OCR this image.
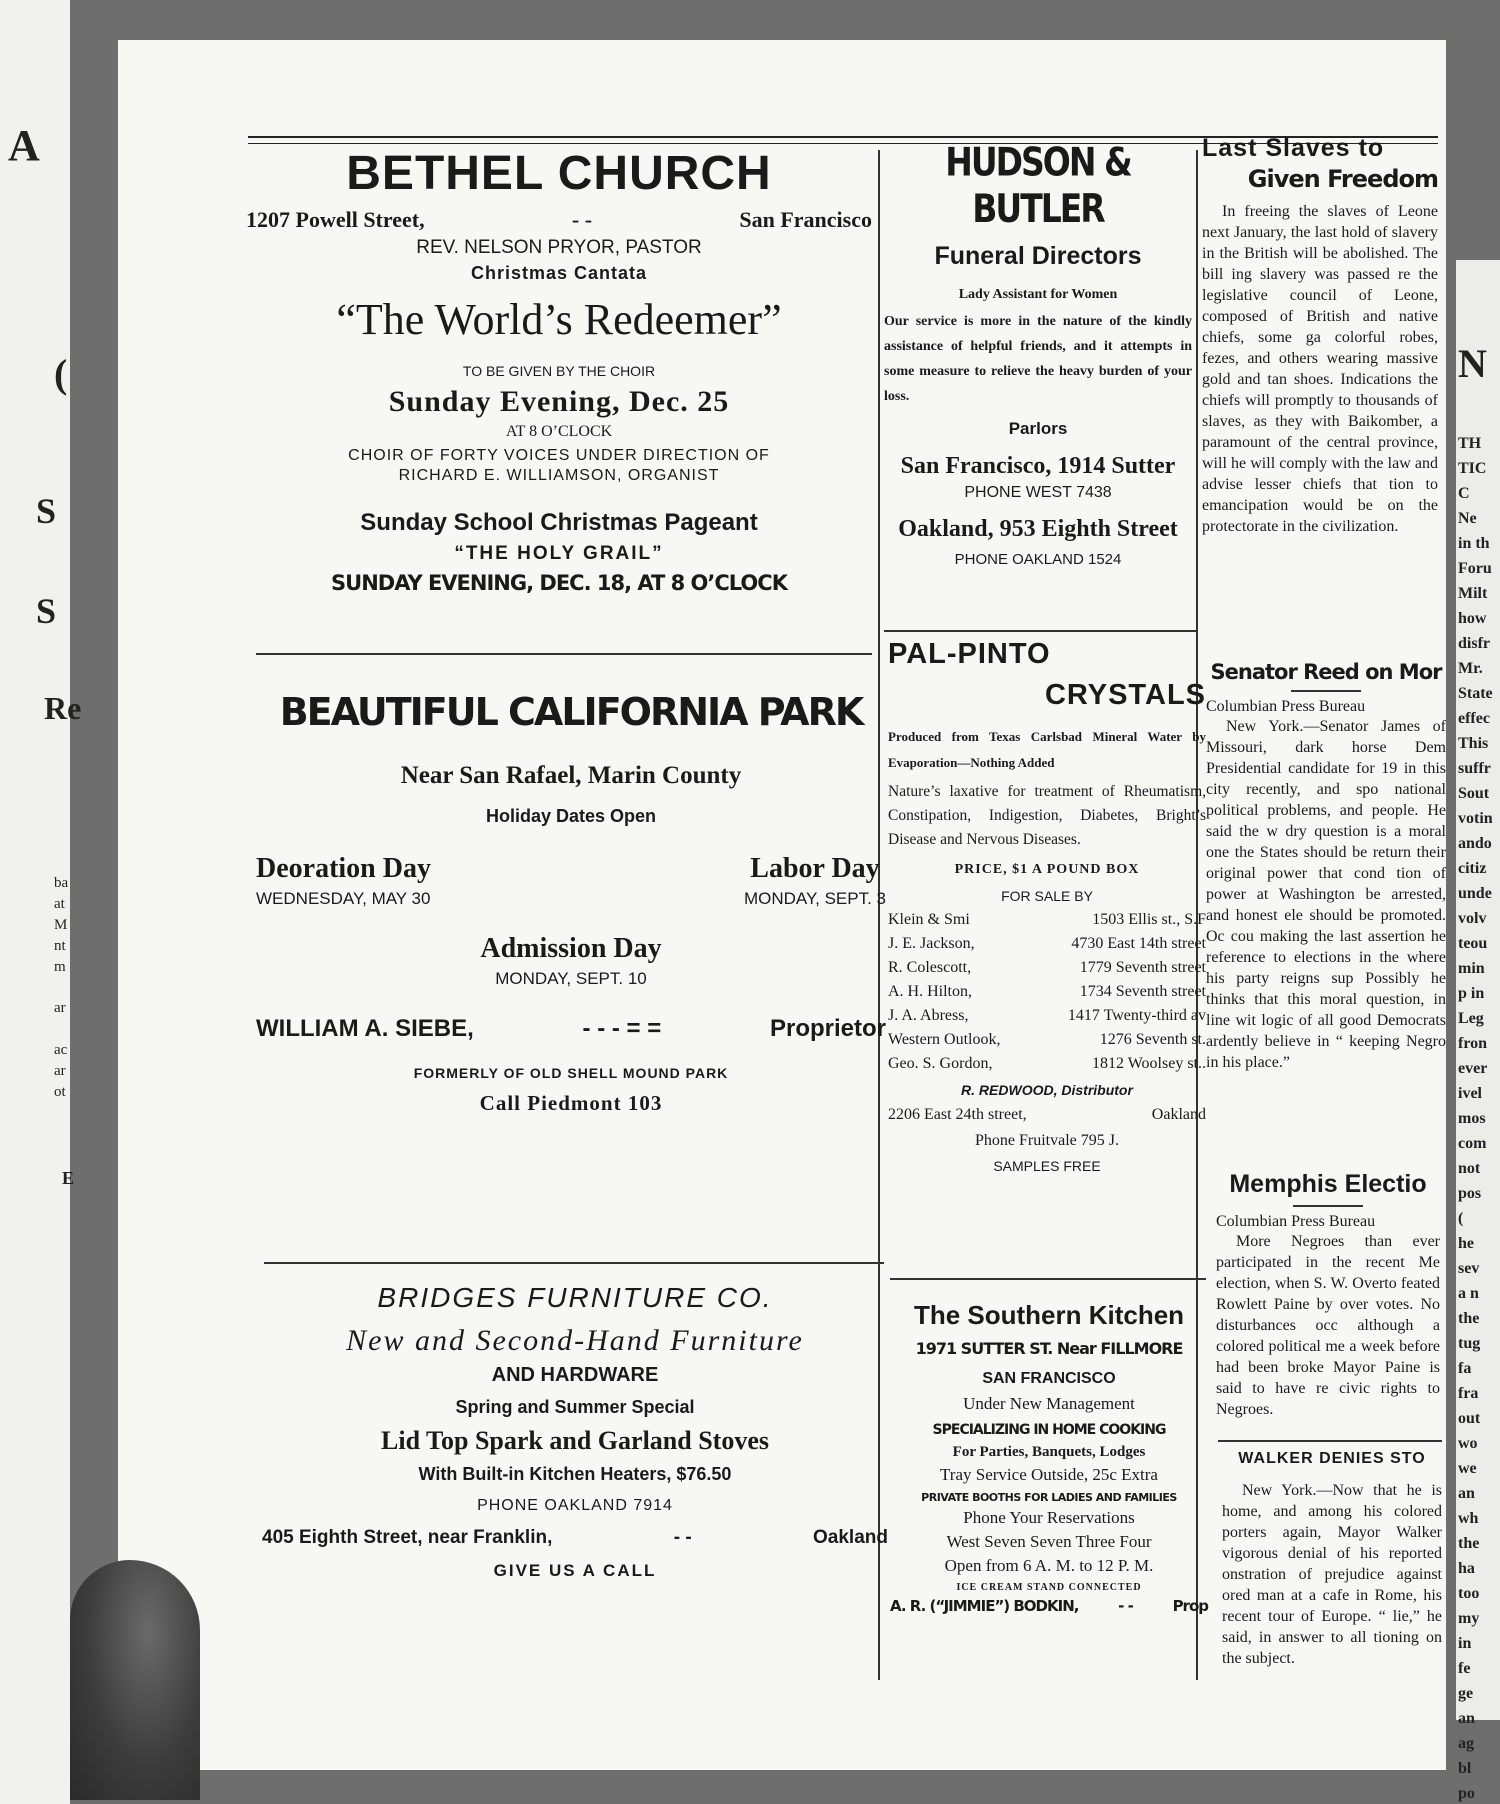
A
(
S
S
Re
ba
at
M
nt
m
ar
ac
ar
ot
E
N
TH
TIC
C
Ne
in th
Foru
Milt
how
disfr
Mr.
State
effec
This
suffr
Sout
votin
ando
citiz
unde
volv
teou
min
p in
Leg
fron
ever
ivel
mos
com
not
pos
(
he
sev
a n
the
tug
fa
fra
out
wo
we
an
wh
the
ha
too
my
in
fe
ge
an
ag
bl
po
BETHEL CHURCH
1207 Powell Street,	- -	San Francisco
REV. NELSON PRYOR, PASTOR
Christmas Cantata
“The World’s Redeemer”
TO BE GIVEN BY THE CHOIR
Sunday Evening, Dec. 25
AT 8 O’CLOCK
CHOIR OF FORTY VOICES UNDER DIRECTION OF
RICHARD E. WILLIAMSON, ORGANIST
Sunday School Christmas Pageant
“THE HOLY GRAIL”
SUNDAY EVENING, DEC. 18, AT 8 O’CLOCK
BEAUTIFUL CALIFORNIA PARK
Near San Rafael, Marin County
Holiday Dates Open
Deoration Day
WEDNESDAY, MAY 30
Labor Day
MONDAY, SEPT. 3
Admission Day
MONDAY, SEPT. 10
WILLIAM A. SIEBE,	- - - = =	Proprietor
FORMERLY OF OLD SHELL MOUND PARK
Call Piedmont 103
BRIDGES FURNITURE CO.
New and Second-Hand Furniture
AND HARDWARE
Spring and Summer Special
Lid Top Spark and Garland Stoves
With Built-in Kitchen Heaters, $76.50
PHONE OAKLAND 7914
405 Eighth Street, near Franklin,	- -	Oakland
GIVE US A CALL
HUDSON & BUTLER
Funeral Directors
Lady Assistant for Women

Our service is more in the nature of the kindly assistance of helpful friends, and it attempts in some measure to relieve the heavy burden of your loss.

Parlors
San Francisco, 1914 Sutter
PHONE WEST 7438
Oakland, 953 Eighth Street
PHONE OAKLAND 1524
PAL-PINTO
CRYSTALS

Produced from Texas Carlsbad Mineral Water by Evaporation—Nothing Added

Nature’s laxative for treatment of Rheumatism, Constipation, Indigestion, Diabetes, Bright’s Disease and Nervous Diseases.

PRICE, $1 A POUND BOX
FOR SALE BY
Klein & Smi	1503 Ellis st., S.F
J. E. Jackson,	4730 East 14th street
R. Colescott,	1779 Seventh street
A. H. Hilton,	1734 Seventh street
J. A. Abress,	1417 Twenty-third av
Western Outlook,	1276 Seventh st.
Geo. S. Gordon,	1812 Woolsey st..
R. REDWOOD, Distributor
2206 East 24th street,	Oakland
Phone Fruitvale 795 J.
SAMPLES FREE
The Southern Kitchen
1971 SUTTER ST. Near FILLMORE
SAN FRANCISCO
Under New Management
SPECIALIZING IN HOME COOKING
For Parties, Banquets, Lodges
Tray Service Outside, 25c Extra
PRIVATE BOOTHS FOR LADIES AND FAMILIES
Phone Your Reservations
West Seven Seven Three Four
Open from 6 A. M. to 12 P. M.
ICE CREAM STAND CONNECTED
A. R. (“JIMMIE”) BODKIN,	- -	Prop
Last Slaves to
Given Freedom

In freeing the slaves of Leone next January, the last hold of slavery in the British will be abolished. The bill ing slavery was passed re the legislative council of Leone, composed of British and native chiefs, some ga colorful robes, fezes, and others wearing massive gold and tan shoes. Indications the chiefs will promptly to thousands of slaves, as they with Baikomber, a paramount of the central province, will he will comply with the law and advise lesser chiefs that tion to emancipation would be on the protectorate in the civilization.

Senator Reed on Mor
Columbian Press Bureau

New York.—Senator James of Missouri, dark horse Dem Presidential candidate for 19 in this city recently, and spo national political problems, and people. He said the w dry question is a moral one the States should be return their original power that cond tion of power at Washington be arrested, and honest ele should be promoted. Oc cou making the last assertion he reference to elections in the where his party reigns sup Possibly he thinks that this moral question, in line wit logic of all good Democrats ardently believe in “ keeping Negro in his place.”

Memphis Electio
Columbian Press Bureau

More Negroes than ever participated in the recent Me election, when S. W. Overto feated Rowlett Paine by over votes. No disturbances occ although a colored political me a week before had been broke Mayor Paine is said to have re civic rights to Negroes.

WALKER DENIES STO

New York.—Now that he is home, and among his colored porters again, Mayor Walker vigorous denial of his reported onstration of prejudice against ored man at a cafe in Rome, his recent tour of Europe. “ lie,” he said, in answer to all tioning on the subject.
